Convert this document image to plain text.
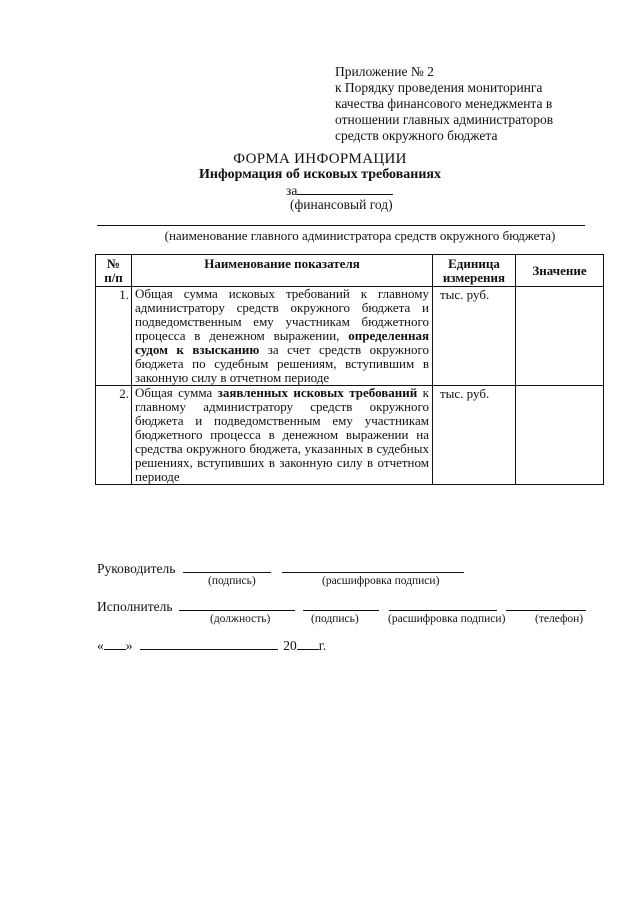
Приложение № 2
к Порядку проведения мониторинга
качества финансового менеджмента в
отношении главных администраторов
средств окружного бюджета
ФОРМА ИНФОРМАЦИИ
Информация об исковых требованиях
за
(финансовый год)
(наименование главного администратора средств окружного бюджета)
№ п/п	Наименование показателя	Единица измерения	Значение
1.	Общая сумма исковых требований к главному администратору средств окружного бюджета и подведомственным ему участникам бюджетного процесса в денежном выражении, определенная судом к взысканию за счет средств окружного бюджета по судебным решениям, вступившим в законную силу в отчетном периоде	тыс. руб.	
2.	Общая сумма заявленных исковых требований к главному администратору средств окружного бюджета и подведомственным ему участникам бюджетного процесса в денежном выражении на средства окружного бюджета, указанных в судебных решениях, вступивших в законную силу в отчетном периоде	тыс. руб.	
Руководитель
(подпись)	(расшифровка подписи)
Исполнитель
(должность)	(подпись)	(расшифровка подписи)	(телефон)
« »	20 г.
